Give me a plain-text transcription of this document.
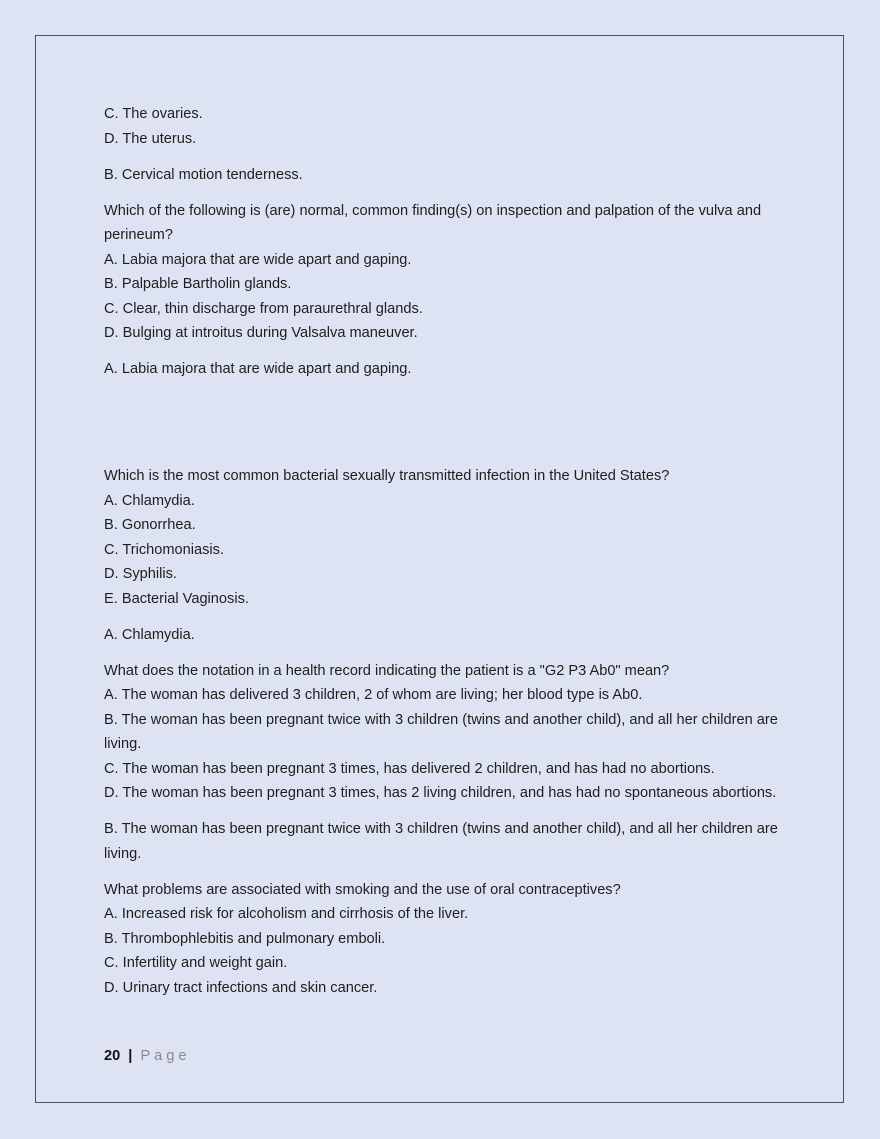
C. The ovaries.
D. The uterus.
B. Cervical motion tenderness.
Which of the following is (are) normal, common finding(s) on inspection and palpation of the vulva and perineum?
A. Labia majora that are wide apart and gaping.
B. Palpable Bartholin glands.
C. Clear, thin discharge from paraurethral glands.
D. Bulging at introitus during Valsalva maneuver.
A. Labia majora that are wide apart and gaping.
Which is the most common bacterial sexually transmitted infection in the United States?
A. Chlamydia.
B. Gonorrhea.
C. Trichomoniasis.
D. Syphilis.
E. Bacterial Vaginosis.
A. Chlamydia.
What does the notation in a health record indicating the patient is a "G2 P3 Ab0" mean?
A. The woman has delivered 3 children, 2 of whom are living; her blood type is Ab0.
B. The woman has been pregnant twice with 3 children (twins and another child), and all her children are living.
C. The woman has been pregnant 3 times, has delivered 2 children, and has had no abortions.
D. The woman has been pregnant 3 times, has 2 living children, and has had no spontaneous abortions.
B. The woman has been pregnant twice with 3 children (twins and another child), and all her children are living.
What problems are associated with smoking and the use of oral contraceptives?
A. Increased risk for alcoholism and cirrhosis of the liver.
B. Thrombophlebitis and pulmonary emboli.
C. Infertility and weight gain.
D. Urinary tract infections and skin cancer.
20 | Page
